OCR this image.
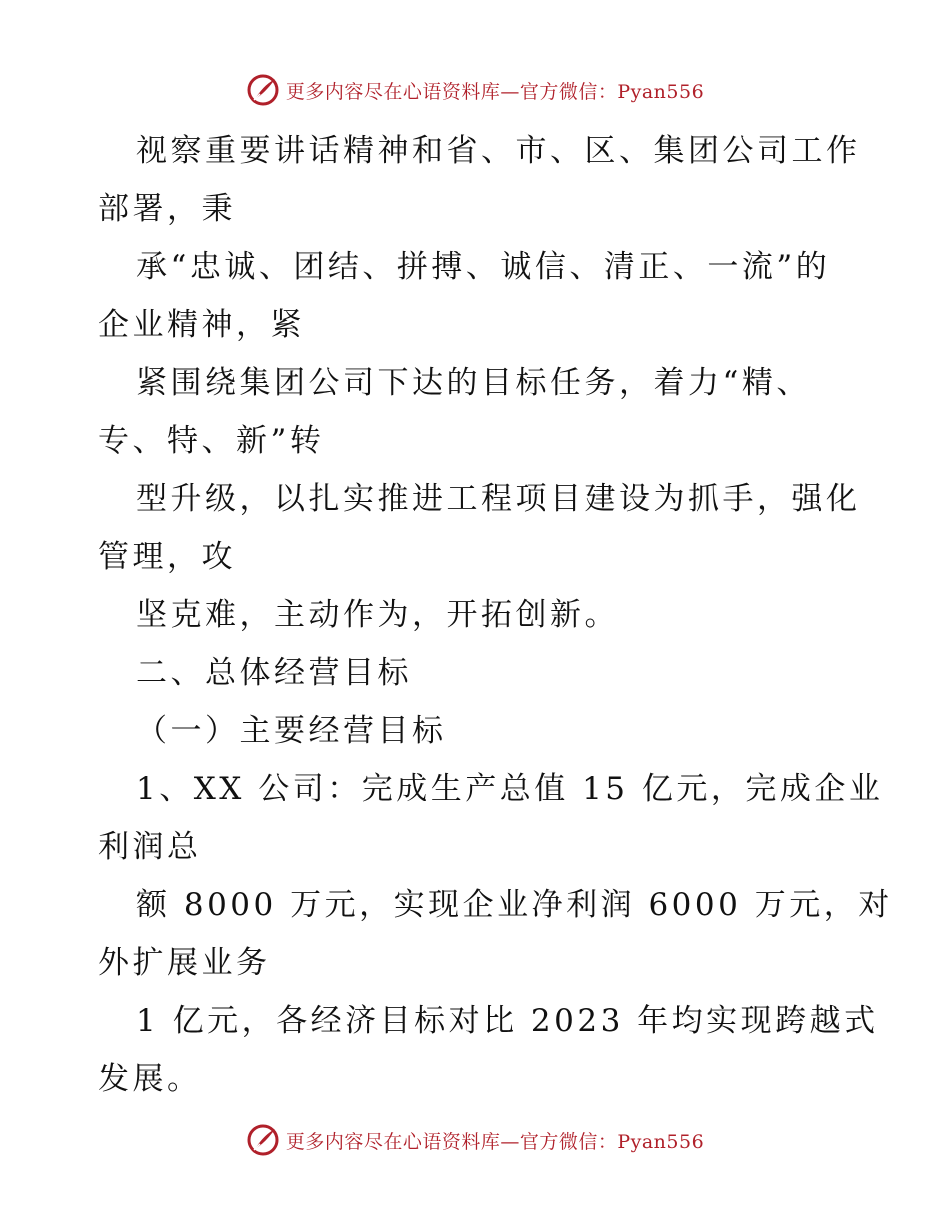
更多内容尽在心语资料库—官方微信：Pyan556
视察重要讲话精神和省、市、区、集团公司工作
部署，秉
承“忠诚、团结、拼搏、诚信、清正、一流”的
企业精神，紧
紧围绕集团公司下达的目标任务，着力“精、
专、特、新”转
型升级，以扎实推进工程项目建设为抓手，强化
管理，攻
坚克难，主动作为，开拓创新。
二、总体经营目标
（一）主要经营目标
1、XX 公司：完成生产总值 15 亿元，完成企业
利润总
额 8000 万元，实现企业净利润 6000 万元，对
外扩展业务
1 亿元，各经济目标对比 2023 年均实现跨越式
发展。
更多内容尽在心语资料库—官方微信：Pyan556
